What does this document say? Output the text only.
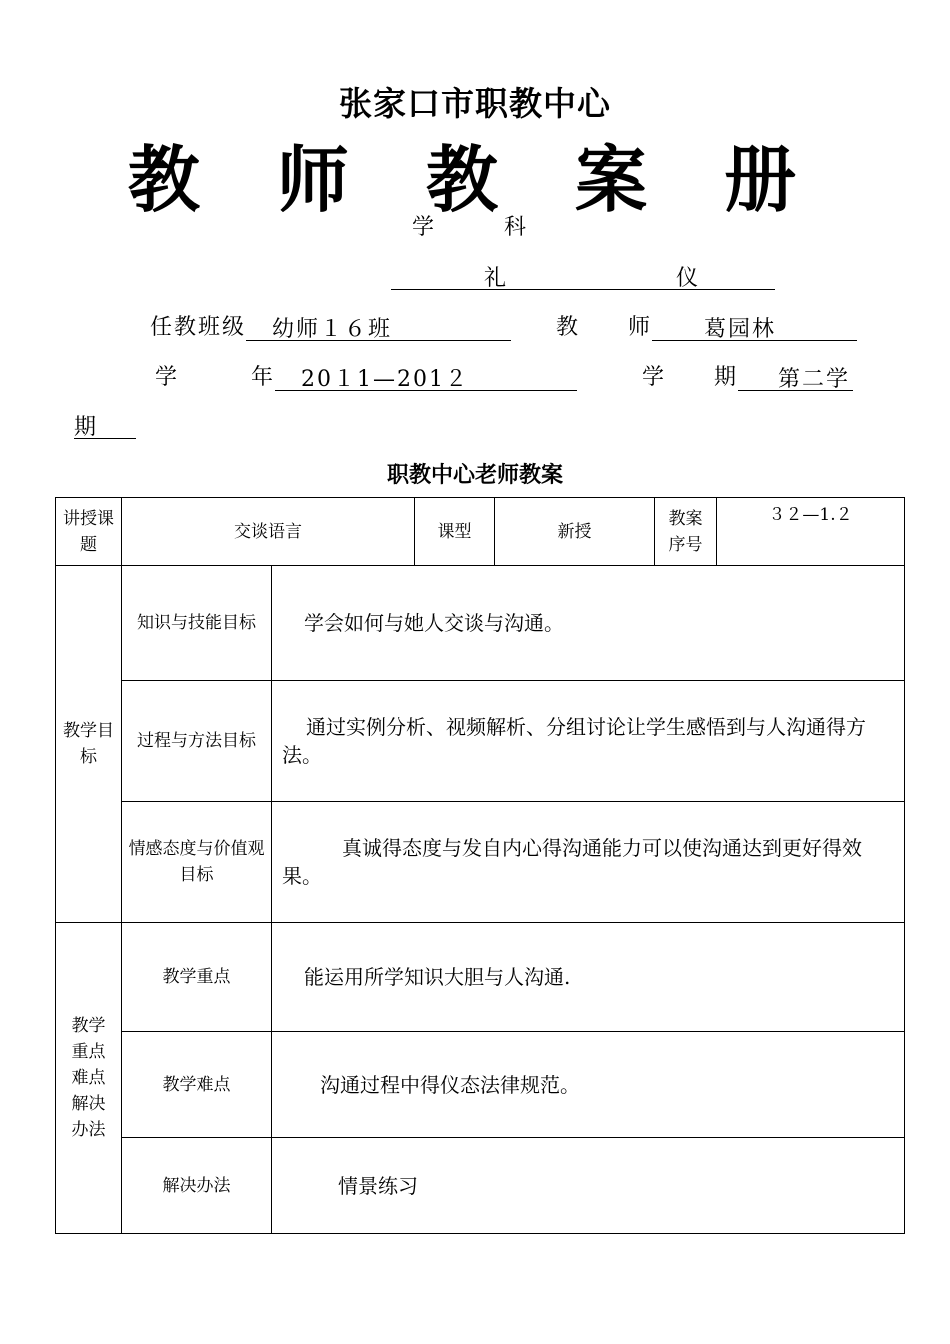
张家口市职教中心
教 师 教 案 册
学科
礼仪
任教班级 幼师１６班	教　　师 葛园林
学　　　年 20１1—201２	学　　期 第二学
期
职教中心老师教案
讲授课题	交谈语言		课型	新授	教案序号	３２—1.２
教学目标	知识与技能目标	学会如何与她人交谈与沟通。				
	过程与方法目标	通过实例分析、视频解析、分组讨论让学生感悟到与人沟通得方法。				
	情感态度与价值观目标	真诚得态度与发自内心得沟通能力可以使沟通达到更好得效果。				
教学重点难点解决办法	教学重点	能运用所学知识大胆与人沟通.				
	教学难点	沟通过程中得仪态法律规范。				
	解决办法	情景练习				
